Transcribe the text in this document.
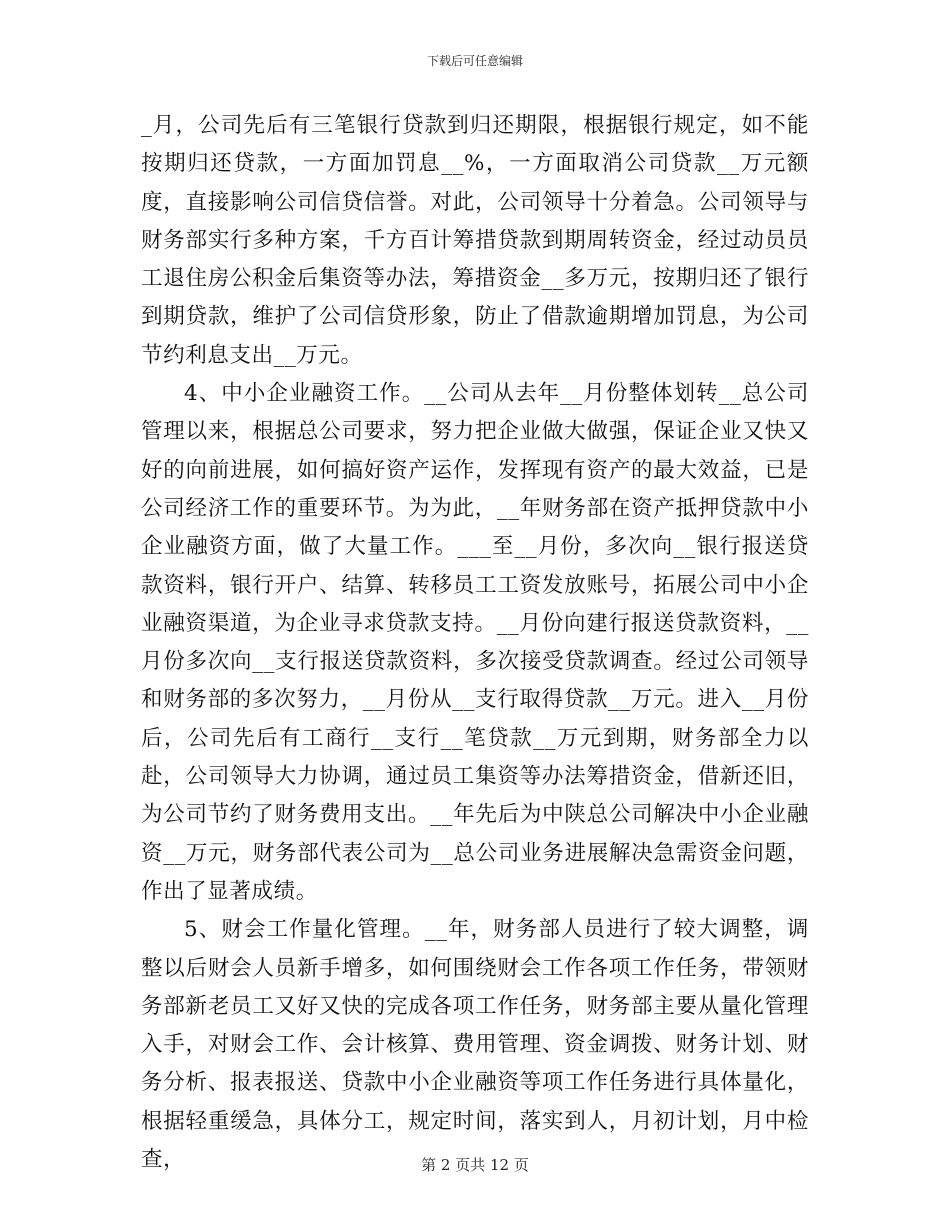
下载后可任意编辑

_月，公司先后有三笔银行贷款到归还期限，根据银行规定，如不能按期归还贷款，一方面加罚息__%，一方面取消公司贷款__万元额度，直接影响公司信贷信誉。对此，公司领导十分着急。公司领导与财务部实行多种方案，千方百计筹措贷款到期周转资金，经过动员员工退住房公积金后集资等办法，筹措资金__多万元，按期归还了银行到期贷款，维护了公司信贷形象，防止了借款逾期增加罚息，为公司节约利息支出__万元。

4、中小企业融资工作。__公司从去年__月份整体划转__总公司管理以来，根据总公司要求，努力把企业做大做强，保证企业又快又好的向前进展，如何搞好资产运作，发挥现有资产的最大效益，已是公司经济工作的重要环节。为为此，__年财务部在资产抵押贷款中小企业融资方面，做了大量工作。___至__月份，多次向__银行报送贷款资料，银行开户、结算、转移员工工资发放账号，拓展公司中小企业融资渠道，为企业寻求贷款支持。__月份向建行报送贷款资料，__月份多次向__支行报送贷款资料，多次接受贷款调查。经过公司领导和财务部的多次努力，__月份从__支行取得贷款__万元。进入__月份后，公司先后有工商行__支行__笔贷款__万元到期，财务部全力以赴，公司领导大力协调，通过员工集资等办法筹措资金，借新还旧，为公司节约了财务费用支出。__年先后为中陕总公司解决中小企业融资__万元，财务部代表公司为__总公司业务进展解决急需资金问题，作出了显著成绩。

5、财会工作量化管理。__年，财务部人员进行了较大调整，调整以后财会人员新手增多，如何围绕财会工作各项工作任务，带领财务部新老员工又好又快的完成各项工作任务，财务部主要从量化管理入手，对财会工作、会计核算、费用管理、资金调拨、财务计划、财务分析、报表报送、贷款中小企业融资等项工作任务进行具体量化，根据轻重缓急，具体分工，规定时间，落实到人，月初计划，月中检查，	第 2 页共 12 页
